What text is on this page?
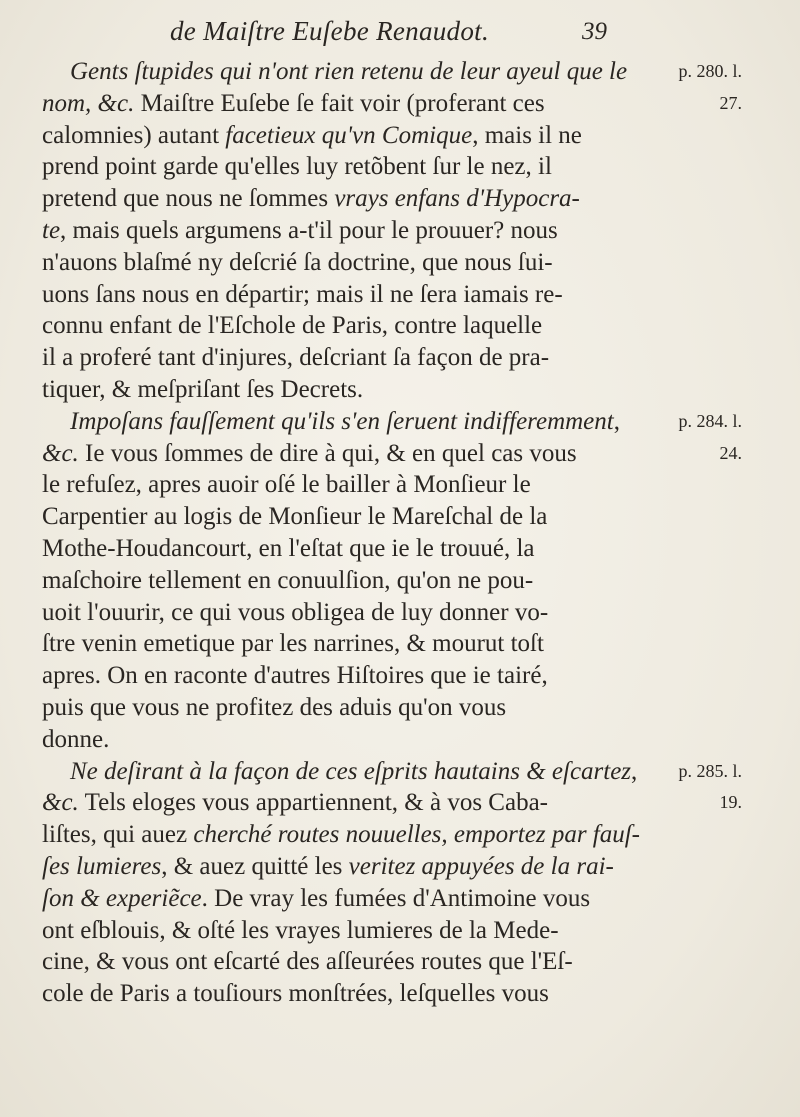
de Maiſtre Euſebe Renaudot.	39
Gents ſtupides qui n'ont rien retenu de leur ayeul que le	p. 280. l.
nom, &c. Maiſtre Euſebe ſe fait voir (proferant ces	27.
calomnies) autant facetieux qu'vn Comique, mais il ne
prend point garde qu'elles luy retõbent ſur le nez, il
pretend que nous ne ſommes vrays enfans d'Hypocra-
te, mais quels argumens a-t'il pour le prouuer? nous
n'auons blaſmé ny deſcrié ſa doctrine, que nous ſui-
uons ſans nous en départir; mais il ne ſera iamais re-
connu enfant de l'Eſchole de Paris, contre laquelle
il a proferé tant d'injures, deſcriant ſa façon de pra-
tiquer, & meſpriſant ſes Decrets.
Impoſans fauſſement qu'ils s'en ſeruent indifferemment,	p. 284. l.
&c. Ie vous ſommes de dire à qui, & en quel cas vous	24.
le refuſez, apres auoir oſé le bailler à Monſieur le
Carpentier au logis de Monſieur le Mareſchal de la
Mothe-Houdancourt, en l'eſtat que ie le trouué, la
maſchoire tellement en conuulſion, qu'on ne pou-
uoit l'ouurir, ce qui vous obligea de luy donner vo-
ſtre venin emetique par les narrines, & mourut toſt
apres. On en raconte d'autres Hiſtoires que ie tairé,
puis que vous ne profitez des aduis qu'on vous
donne.
Ne deſirant à la façon de ces eſprits hautains & eſcartez, p. 285. l.
&c. Tels eloges vous appartiennent, & à vos Caba-	19.
liſtes, qui auez cherché routes nouuelles, emportez par fauſ-
ſes lumieres, & auez quitté les veritez appuyées de la rai-
ſon & experiẽce. De vray les fumées d'Antimoine vous
ont eſblouis, & oſté les vrayes lumieres de la Mede-
cine, & vous ont eſcarté des aſſeurées routes que l'Eſ-
cole de Paris a touſiours monſtrées, leſquelles vous
